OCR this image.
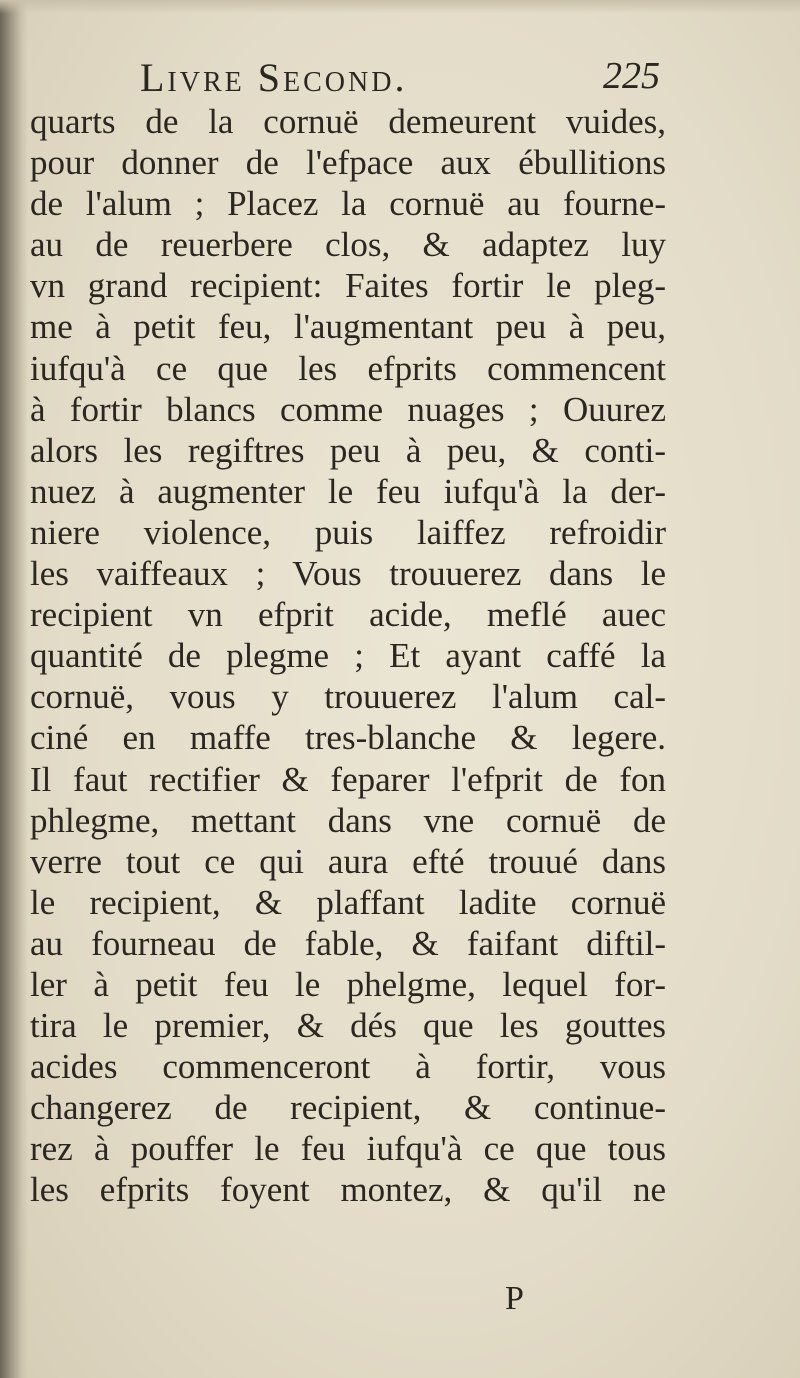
Livre Second.	225
quarts de la cornuë demeurent vuides,
pour donner de l'efpace aux ébullitions
de l'alum ; Placez la cornuë au fourne-
au de reuerbere clos, & adaptez luy
vn grand recipient: Faites fortir le pleg-
me à petit feu, l'augmentant peu à peu,
iufqu'à ce que les efprits commencent
à fortir blancs comme nuages ; Ouurez
alors les regiftres peu à peu, & conti-
nuez à augmenter le feu iufqu'à la der-
niere violence, puis laiffez refroidir
les vaiffeaux ; Vous trouuerez dans le
recipient vn efprit acide, meflé auec
quantité de plegme ; Et ayant caffé la
cornuë, vous y trouuerez l'alum cal-
ciné en maffe tres-blanche & legere.
Il faut rectifier & feparer l'efprit de fon
phlegme, mettant dans vne cornuë de
verre tout ce qui aura efté trouué dans
le recipient, & plaffant ladite cornuë
au fourneau de fable, & faifant diftil-
ler à petit feu le phelgme, lequel for-
tira le premier, & dés que les gouttes
acides commenceront à fortir, vous
changerez de recipient, & continue-
rez à pouffer le feu iufqu'à ce que tous
les efprits foyent montez, & qu'il ne
P
